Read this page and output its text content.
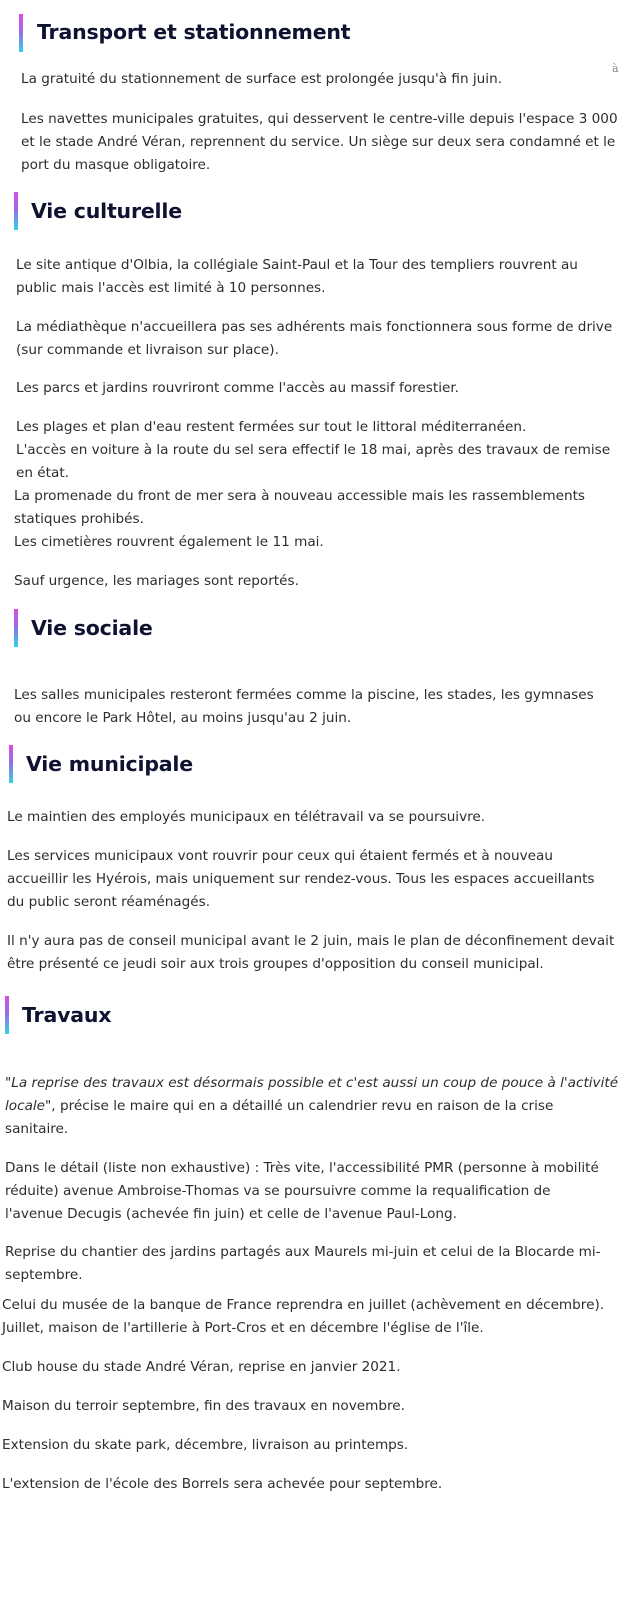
Transport et stationnement
La gratuité du stationnement de surface est prolongée jusqu'à fin juin.
Les navettes municipales gratuites, qui desservent le centre-ville depuis l'espace 3 000
et le stade André Véran, reprennent du service. Un siège sur deux sera condamné et le
port du masque obligatoire.
à
Vie culturelle
Le site antique d'Olbia, la collégiale Saint-Paul et la Tour des templiers rouvrent au
public mais l'accès est limité à 10 personnes.
La médiathèque n'accueillera pas ses adhérents mais fonctionnera sous forme de drive
(sur commande et livraison sur place).
Les parcs et jardins rouvriront comme l'accès au massif forestier.
Les plages et plan d'eau restent fermées sur tout le littoral méditerranéen.
L'accès en voiture à la route du sel sera effectif le 18 mai, après des travaux de remise
en état.
La promenade du front de mer sera à nouveau accessible mais les rassemblements
statiques prohibés.
Les cimetières rouvrent également le 11 mai.
Sauf urgence, les mariages sont reportés.
Vie sociale
Les salles municipales resteront fermées comme la piscine, les stades, les gymnases
ou encore le Park Hôtel, au moins jusqu'au 2 juin.
Vie municipale
Le maintien des employés municipaux en télétravail va se poursuivre.
Les services municipaux vont rouvrir pour ceux qui étaient fermés et à nouveau
accueillir les Hyérois, mais uniquement sur rendez-vous. Tous les espaces accueillants
du public seront réaménagés.
Il n'y aura pas de conseil municipal avant le 2 juin, mais le plan de déconfinement devait
être présenté ce jeudi soir aux trois groupes d'opposition du conseil municipal.
Travaux
"La reprise des travaux est désormais possible et c'est aussi un coup de pouce à l'activité
locale", précise le maire qui en a détaillé un calendrier revu en raison de la crise
sanitaire.
Dans le détail (liste non exhaustive) : Très vite, l'accessibilité PMR (personne à mobilité
réduite) avenue Ambroise-Thomas va se poursuivre comme la requalification de
l'avenue Decugis (achevée fin juin) et celle de l'avenue Paul-Long.
Reprise du chantier des jardins partagés aux Maurels mi-juin et celui de la Blocarde mi-
septembre.
Celui du musée de la banque de France reprendra en juillet (achèvement en décembre).
Juillet, maison de l'artillerie à Port-Cros et en décembre l'église de l'île.
Club house du stade André Véran, reprise en janvier 2021.
Maison du terroir septembre, fin des travaux en novembre.
Extension du skate park, décembre, livraison au printemps.
L'extension de l'école des Borrels sera achevée pour septembre.
